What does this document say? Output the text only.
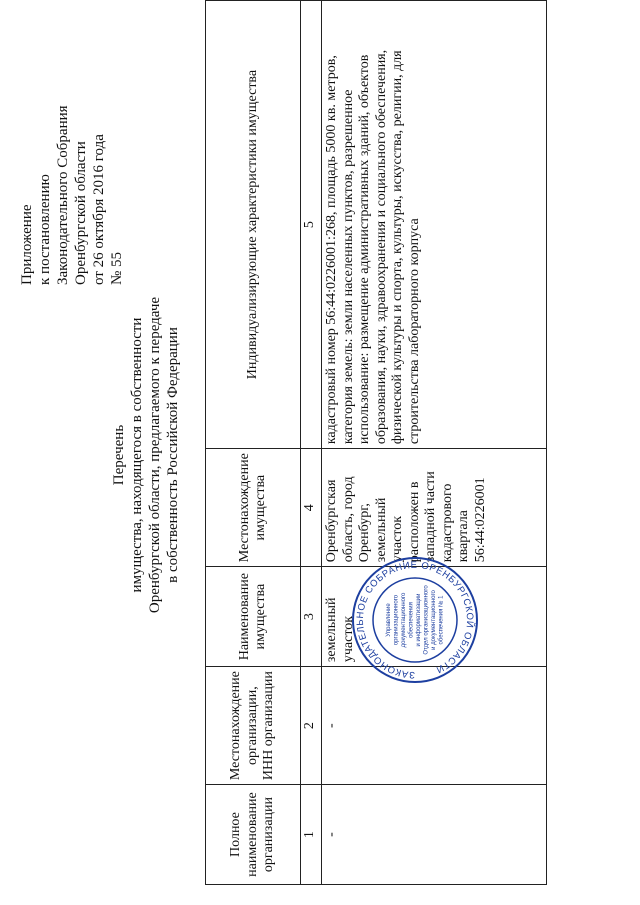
Приложение к постановлению Законодательного Собрания Оренбургской области от 26 октября 2016 года № 55
Перечень имущества, находящегося в собственности Оренбургской области, предлагаемого к передаче в собственность Российской Федерации
Полное наименование организации	Местонахождение организации, ИНН организации	Наименование имущества	Местонахождение имущества	Индивидуализирующие характеристики имущества
1	2	3	4	5
-	-	земельный участок	Оренбургская область, город Оренбург, земельный участок расположен в западной части кадастрового квартала 56:44:0226001	кадастровый номер 56:44:0226001:268, площадь 5000 кв. метров, категория земель: земли населенных пунктов, разрешенное использование: размещение административных зданий, объектов образования, науки, здравоохранения и социального обеспечения, физической культуры и спорта, культуры, искусства, религии, для строительства лабораторного корпуса
ЗАКОНОДАТЕЛЬНОЕ СОБРАНИЕ ОРЕНБУРГСКОЙ ОБЛАСТИ
Управление организационного документационного обеспечения и информатизации Отдел организационного и документационного обеспечения № 1
